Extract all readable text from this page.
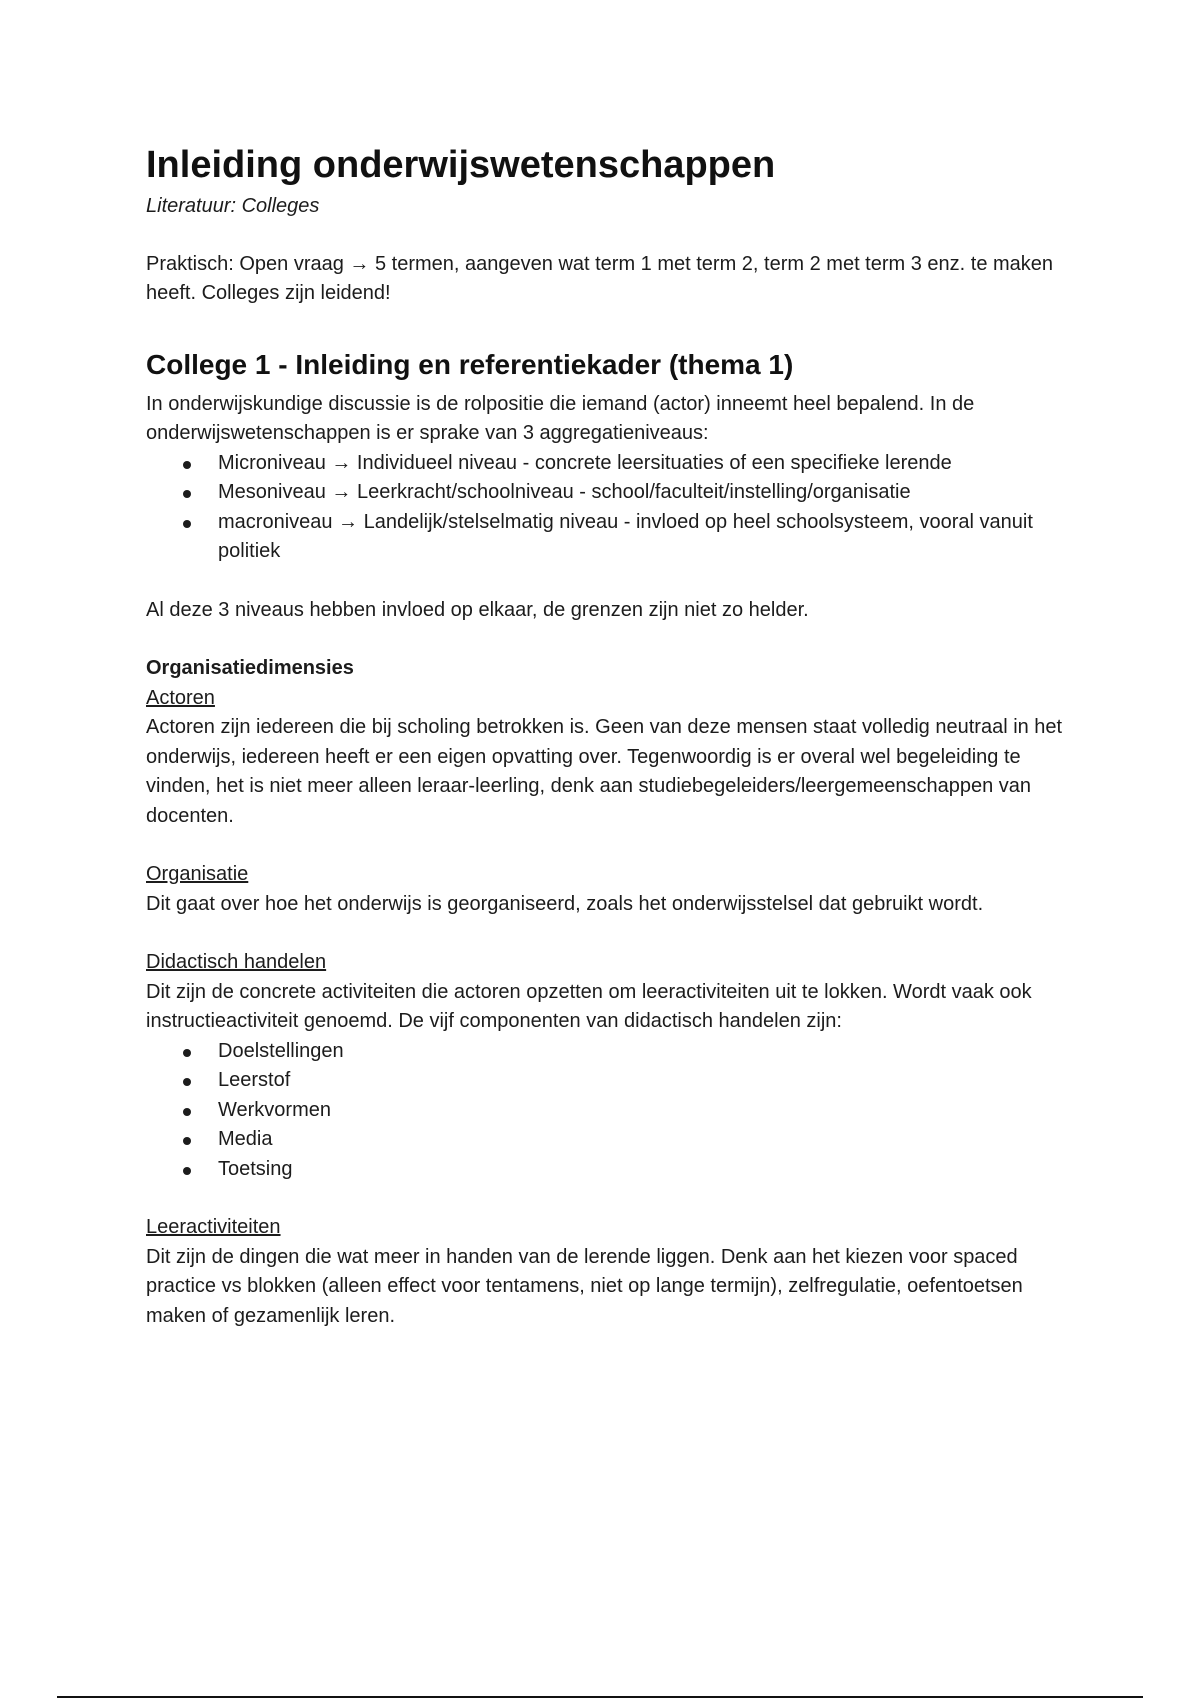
Inleiding onderwijswetenschappen

Literatuur: Colleges

Praktisch: Open vraag → 5 termen, aangeven wat term 1 met term 2, term 2 met term 3 enz. te maken heeft. Colleges zijn leidend!

College 1 - Inleiding en referentiekader (thema 1)

In onderwijskundige discussie is de rolpositie die iemand (actor) inneemt heel bepalend. In de onderwijswetenschappen is er sprake van 3 aggregatieniveaus:

Microniveau → Individueel niveau - concrete leersituaties of een specifieke lerende
Mesoniveau → Leerkracht/schoolniveau - school/faculteit/instelling/organisatie
macroniveau → Landelijk/stelselmatig niveau - invloed op heel schoolsysteem, vooral vanuit politiek

Al deze 3 niveaus hebben invloed op elkaar, de grenzen zijn niet zo helder.

Organisatiedimensies

Actoren

Actoren zijn iedereen die bij scholing betrokken is. Geen van deze mensen staat volledig neutraal in het onderwijs, iedereen heeft er een eigen opvatting over. Tegenwoordig is er overal wel begeleiding te vinden, het is niet meer alleen leraar-leerling, denk aan studiebegeleiders/leergemeenschappen van docenten.

Organisatie

Dit gaat over hoe het onderwijs is georganiseerd, zoals het onderwijsstelsel dat gebruikt wordt.

Didactisch handelen

Dit zijn de concrete activiteiten die actoren opzetten om leeractiviteiten uit te lokken. Wordt vaak ook instructieactiviteit genoemd. De vijf componenten van didactisch handelen zijn:

Doelstellingen
Leerstof
Werkvormen
Media
Toetsing

Leeractiviteiten

Dit zijn de dingen die wat meer in handen van de lerende liggen. Denk aan het kiezen voor spaced practice vs blokken (alleen effect voor tentamens, niet op lange termijn), zelfregulatie, oefentoetsen maken of gezamenlijk leren.
